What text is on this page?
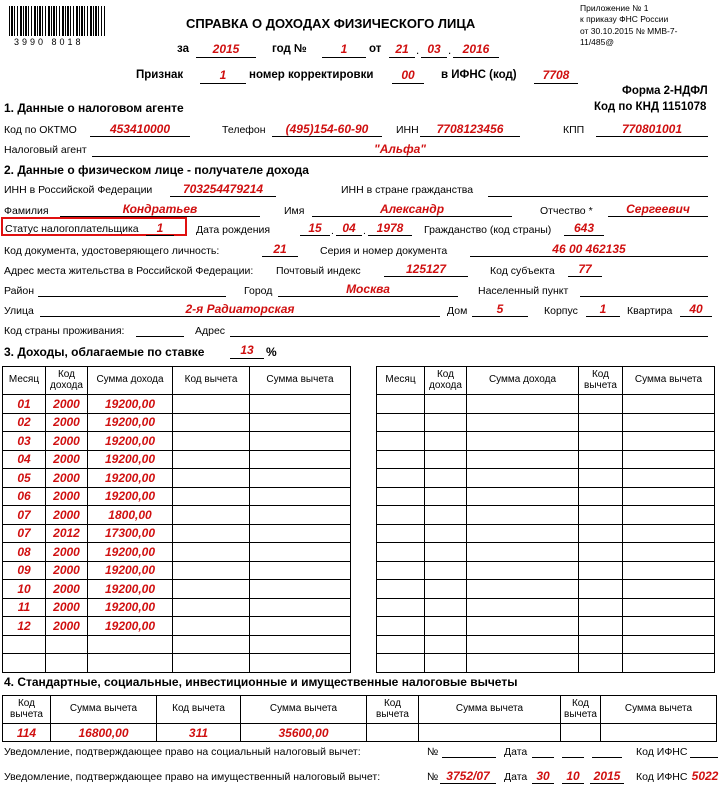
3990 8018
СПРАВКА О ДОХОДАХ ФИЗИЧЕСКОГО ЛИЦА
Приложение № 1
к приказу ФНС России
от 30.10.2015 № ММВ-7-
11/485@
за	2015	год №	1	от	21 . 03 . 2016
Признак	1	номер корректировки	00	в ИФНС (код)	7708
Форма 2-НДФЛ
Код по КНД 1151078
1. Данные о налоговом агенте
Код по ОКТМО	453410000	Телефон	(495)154-60-90	ИНН	7708123456	КПП	770801001
Налоговый агент	"Альфа"
2. Данные о физическом лице - получателе дохода
ИНН в Российской Федерации	703254479214	ИНН в стране гражданства
Фамилия	Кондратьев	Имя	Александр	Отчество *	Сергеевич
Статус налогоплательщика	1	Дата рождения	15 . 04 . 1978	Гражданство (код страны)	643
Код документа, удостоверяющего личность:	21	Серия и номер документа	46 00 462135
Адрес места жительства в Российской Федерации: Почтовый индекс	125127	Код субъекта	77
Район	Город	Москва	Населенный пункт
Улица	2-я Радиаторская	Дом	5	Корпус	1	Квартира	40
Код страны проживания:	Адрес
3. Доходы, облагаемые по ставке	13	%
Месяц	Код дохода	Сумма дохода	Код вычета	Сумма вычета
01	2000	19200,00		
02	2000	19200,00		
03	2000	19200,00		
04	2000	19200,00		
05	2000	19200,00		
06	2000	19200,00		
07	2000	1800,00		
07	2012	17300,00		
08	2000	19200,00		
09	2000	19200,00		
10	2000	19200,00		
11	2000	19200,00		
12	2000	19200,00		

Месяц	Код дохода	Сумма дохода	Код вычета	Сумма вычета

4. Стандартные, социальные, инвестиционные и имущественные налоговые вычеты
Код вычета	Сумма вычета	Код вычета	Сумма вычета	Код вычета	Сумма вычета	Код вычета	Сумма вычета
114	16800,00	311	35600,00				
Уведомление, подтверждающее право на социальный налоговый вычет:	№	Дата	Код ИФНС
Уведомление, подтверждающее право на имущественный налоговый вычет:	№ 3752/07	Дата 30	10	2015	Код ИФНС 5022
